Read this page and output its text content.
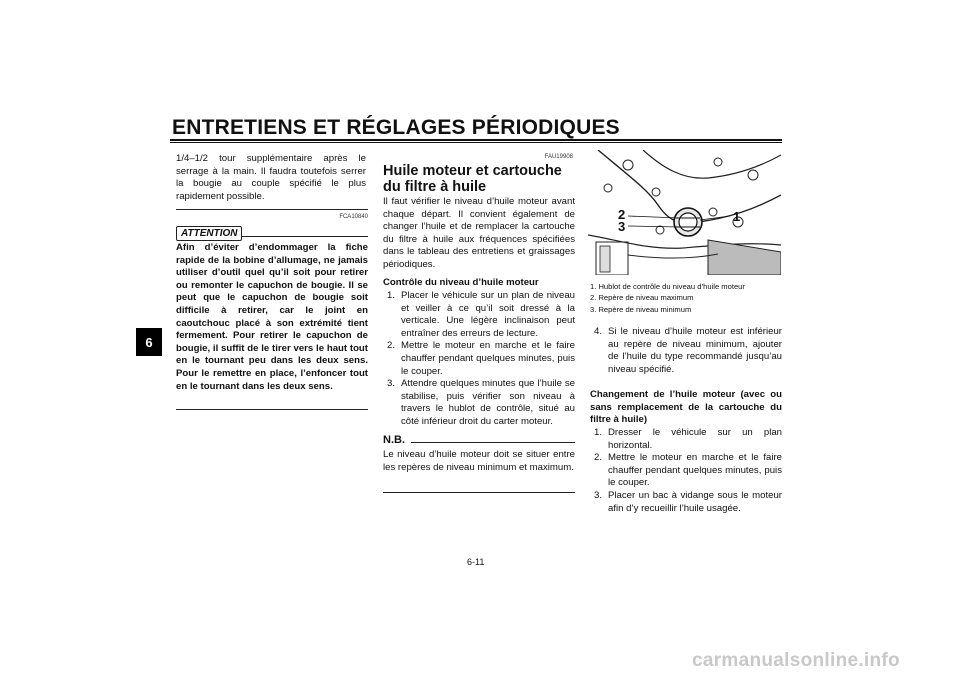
ENTRETIENS ET RÉGLAGES PÉRIODIQUES
6
1/4–1/2 tour supplémentaire après le serrage à la main. Il faudra toutefois serrer la bougie au couple spécifié le plus rapidement possible.
FCA10840
ATTENTION
Afin d’éviter d’endommager la fiche rapide de la bobine d’allumage, ne jamais utiliser d’outil quel qu’il soit pour retirer ou remonter le capuchon de bougie. Il se peut que le capuchon de bougie soit difficile à retirer, car le joint en caoutchouc placé à son extrémité tient fermement. Pour retirer le capuchon de bougie, il suffit de le tirer vers le haut tout en le tournant peu dans les deux sens. Pour le remettre en place, l’enfoncer tout en le tournant dans les deux sens.
FAU19908
Huile moteur et cartouche du filtre à huile
Il faut vérifier le niveau d’huile moteur avant chaque départ. Il convient également de changer l’huile et de remplacer la cartouche du filtre à huile aux fréquences spécifiées dans le tableau des entretiens et graissages périodiques.
Contrôle du niveau d’huile moteur
1. Placer le véhicule sur un plan de niveau et veiller à ce qu’il soit dressé à la verticale. Une légère inclinaison peut entraîner des erreurs de lecture.
2. Mettre le moteur en marche et le faire chauffer pendant quelques minutes, puis le couper.
3. Attendre quelques minutes que l’huile se stabilise, puis vérifier son niveau à travers le hublot de contrôle, situé au côté inférieur droit du carter moteur.
N.B.
Le niveau d’huile moteur doit se situer entre les repères de niveau minimum et maximum.
2
3
1
1. Hublot de contrôle du niveau d’huile moteur
2. Repère de niveau maximum
3. Repère de niveau minimum
4. Si le niveau d’huile moteur est inférieur au repère de niveau minimum, ajouter de l’huile du type recommandé jusqu’au niveau spécifié.
Changement de l’huile moteur (avec ou sans remplacement de la cartouche du filtre à huile)
1. Dresser le véhicule sur un plan horizontal.
2. Mettre le moteur en marche et le faire chauffer pendant quelques minutes, puis le couper.
3. Placer un bac à vidange sous le moteur afin d’y recueillir l’huile usagée.
6-11
carmanualsonline.info
